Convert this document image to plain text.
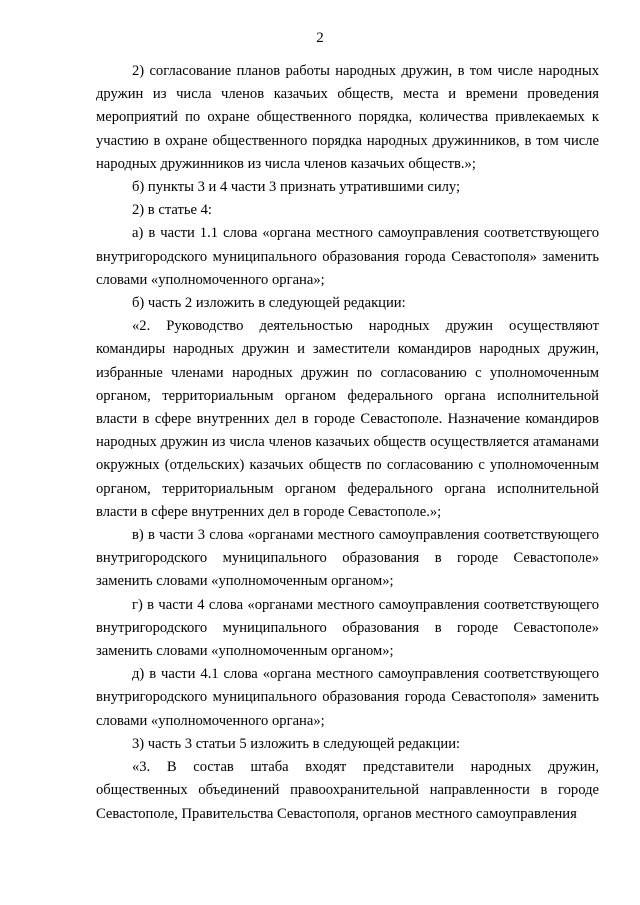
2

2) согласование планов работы народных дружин, в том числе народных дружин из числа членов казачьих обществ, места и времени проведения мероприятий по охране общественного порядка, количества привлекаемых к участию в охране общественного порядка народных дружинников, в том числе народных дружинников из числа членов казачьих обществ.»;

б) пункты 3 и 4 части 3 признать утратившими силу;

2) в статье 4:

а) в части 1.1 слова «органа местного самоуправления соответствующего внутригородского муниципального образования города Севастополя» заменить словами «уполномоченного органа»;

б) часть 2 изложить в следующей редакции:

«2. Руководство деятельностью народных дружин осуществляют командиры народных дружин и заместители командиров народных дружин, избранные членами народных дружин по согласованию с уполномоченным органом, территориальным органом федерального органа исполнительной власти в сфере внутренних дел в городе Севастополе. Назначение командиров народных дружин из числа членов казачьих обществ осуществляется атаманами окружных (отдельских) казачьих обществ по согласованию с уполномоченным органом, территориальным органом федерального органа исполнительной власти в сфере внутренних дел в городе Севастополе.»;

в) в части 3 слова «органами местного самоуправления соответствующего внутригородского муниципального образования в городе Севастополе» заменить словами «уполномоченным органом»;

г) в части 4 слова «органами местного самоуправления соответствующего внутригородского муниципального образования в городе Севастополе» заменить словами «уполномоченным органом»;

д) в части 4.1 слова «органа местного самоуправления соответствующего внутригородского муниципального образования города Севастополя» заменить словами «уполномоченного органа»;

3) часть 3 статьи 5 изложить в следующей редакции:

«3. В состав штаба входят представители народных дружин, общественных объединений правоохранительной направленности в городе Севастополе, Правительства Севастополя, органов местного самоуправления
